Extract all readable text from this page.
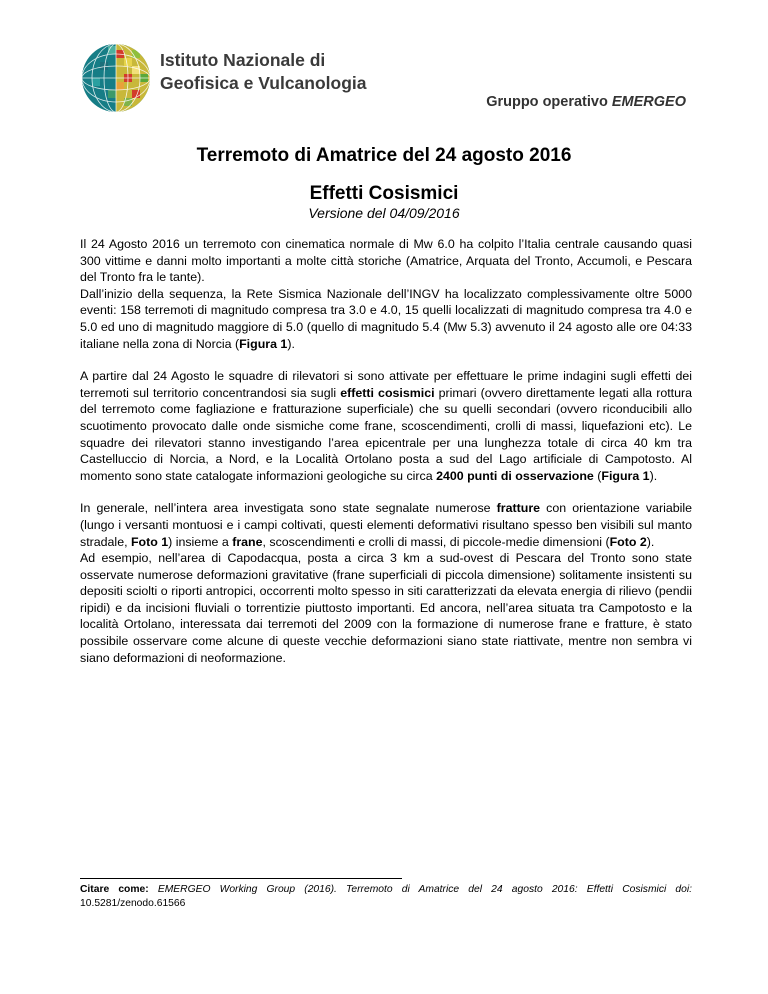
Istituto Nazionale di
Geofisica e Vulcanologia
Gruppo operativo EMERGEO
Terremoto di Amatrice del 24 agosto 2016
Effetti Cosismici
Versione del 04/09/2016

Il 24 Agosto 2016 un terremoto con cinematica normale di Mw 6.0 ha colpito l’Italia centrale causando quasi 300 vittime e danni molto importanti a molte città storiche (Amatrice, Arquata del Tronto, Accumoli, e Pescara del Tronto fra le tante).
Dall’inizio della sequenza, la Rete Sismica Nazionale dell’INGV ha localizzato complessivamente oltre 5000 eventi: 158 terremoti di magnitudo compresa tra 3.0 e 4.0, 15 quelli localizzati di magnitudo compresa tra 4.0 e 5.0 ed uno di magnitudo maggiore di 5.0 (quello di magnitudo 5.4 (Mw 5.3) avvenuto il 24 agosto alle ore 04:33 italiane nella zona di Norcia (Figura 1).

A partire dal 24 Agosto le squadre di rilevatori si sono attivate per effettuare le prime indagini sugli effetti dei terremoti sul territorio concentrandosi sia sugli effetti cosismici primari (ovvero direttamente legati alla rottura del terremoto come fagliazione e fratturazione superficiale) che su quelli secondari (ovvero riconducibili allo scuotimento provocato dalle onde sismiche come frane, scoscendimenti, crolli di massi, liquefazioni etc). Le squadre dei rilevatori stanno investigando l’area epicentrale per una lunghezza totale di circa 40 km tra Castelluccio di Norcia, a Nord, e la Località Ortolano posta a sud del Lago artificiale di Campotosto. Al momento sono state catalogate informazioni geologiche su circa 2400 punti di osservazione (Figura 1).

In generale, nell’intera area investigata sono state segnalate numerose fratture con orientazione variabile (lungo i versanti montuosi e i campi coltivati, questi elementi deformativi risultano spesso ben visibili sul manto stradale, Foto 1) insieme a frane, scoscendimenti e crolli di massi, di piccole-medie dimensioni (Foto 2).
Ad esempio, nell’area di Capodacqua, posta a circa 3 km a sud-ovest di Pescara del Tronto sono state osservate numerose deformazioni gravitative (frane superficiali di piccola dimensione) solitamente insistenti su depositi sciolti o riporti antropici, occorrenti molto spesso in siti caratterizzati da elevata energia di rilievo (pendii ripidi) e da incisioni fluviali o torrentizie piuttosto importanti. Ed ancora, nell’area situata tra Campotosto e la località Ortolano, interessata dai terremoti del 2009 con la formazione di numerose frane e fratture, è stato possibile osservare come alcune di queste vecchie deformazioni siano state riattivate, mentre non sembra vi siano deformazioni di neoformazione.

Citare come: EMERGEO Working Group (2016). Terremoto di Amatrice del 24 agosto 2016: Effetti Cosismici doi: 10.5281/zenodo.61566
